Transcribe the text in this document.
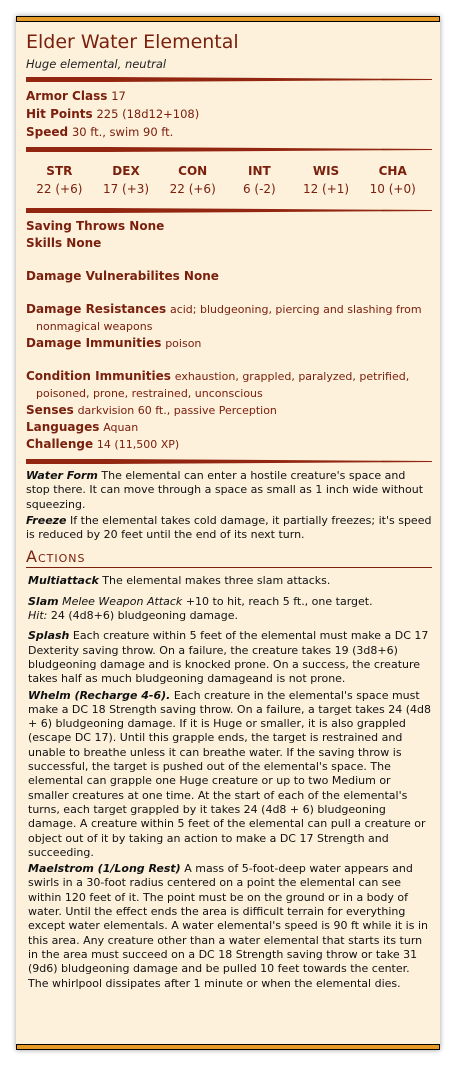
Elder Water Elemental
Huge elemental, neutral
Armor Class 17
Hit Points 225 (18d12+108)
Speed 30 ft., swim 90 ft.
STR
22 (+6)
DEX
17 (+3)
CON
22 (+6)
INT
6 (-2)
WIS
12 (+1)
CHA
10 (+0)
Saving Throws None
Skills None
Damage Vulnerabilites None
Damage Resistances acid; bludgeoning, piercing and slashing from nonmagical weapons
Damage Immunities poison
Condition Immunities exhaustion, grappled, paralyzed, petrified, poisoned, prone, restrained, unconscious
Senses darkvision 60 ft., passive Perception
Languages Aquan
Challenge 14 (11,500 XP)
Water Form The elemental can enter a hostile creature's space and stop there. It can move through a space as small as 1 inch wide without squeezing.
Freeze If the elemental takes cold damage, it partially freezes; it's speed is reduced by 20 feet until the end of its next turn.
Actions
Multiattack The elemental makes three slam attacks.
Slam Melee Weapon Attack +10 to hit, reach 5 ft., one target.
Hit: 24 (4d8+6) bludgeoning damage.
Splash Each creature within 5 feet of the elemental must make a DC 17 Dexterity saving throw. On a failure, the creature takes 19 (3d8+6) bludgeoning damage and is knocked prone. On a success, the creature takes half as much bludgeoning damageand is not prone.
Whelm (Recharge 4-6). Each creature in the elemental's space must make a DC 18 Strength saving throw. On a failure, a target takes 24 (4d8 + 6) bludgeoning damage. If it is Huge or smaller, it is also grappled (escape DC 17). Until this grapple ends, the target is restrained and unable to breathe unless it can breathe water. If the saving throw is successful, the target is pushed out of the elemental's space. The elemental can grapple one Huge creature or up to two Medium or smaller creatures at one time. At the start of each of the elemental's turns, each target grappled by it takes 24 (4d8 + 6) bludgeoning damage. A creature within 5 feet of the elemental can pull a creature or object out of it by taking an action to make a DC 17 Strength and succeeding.
Maelstrom (1/Long Rest) A mass of 5-foot-deep water appears and swirls in a 30-foot radius centered on a point the elemental can see within 120 feet of it. The point must be on the ground or in a body of water. Until the effect ends the area is difficult terrain for everything except water elementals. A water elemental's speed is 90 ft while it is in this area. Any creature other than a water elemental that starts its turn in the area must succeed on a DC 18 Strength saving throw or take 31 (9d6) bludgeoning damage and be pulled 10 feet towards the center. The whirlpool dissipates after 1 minute or when the elemental dies.
